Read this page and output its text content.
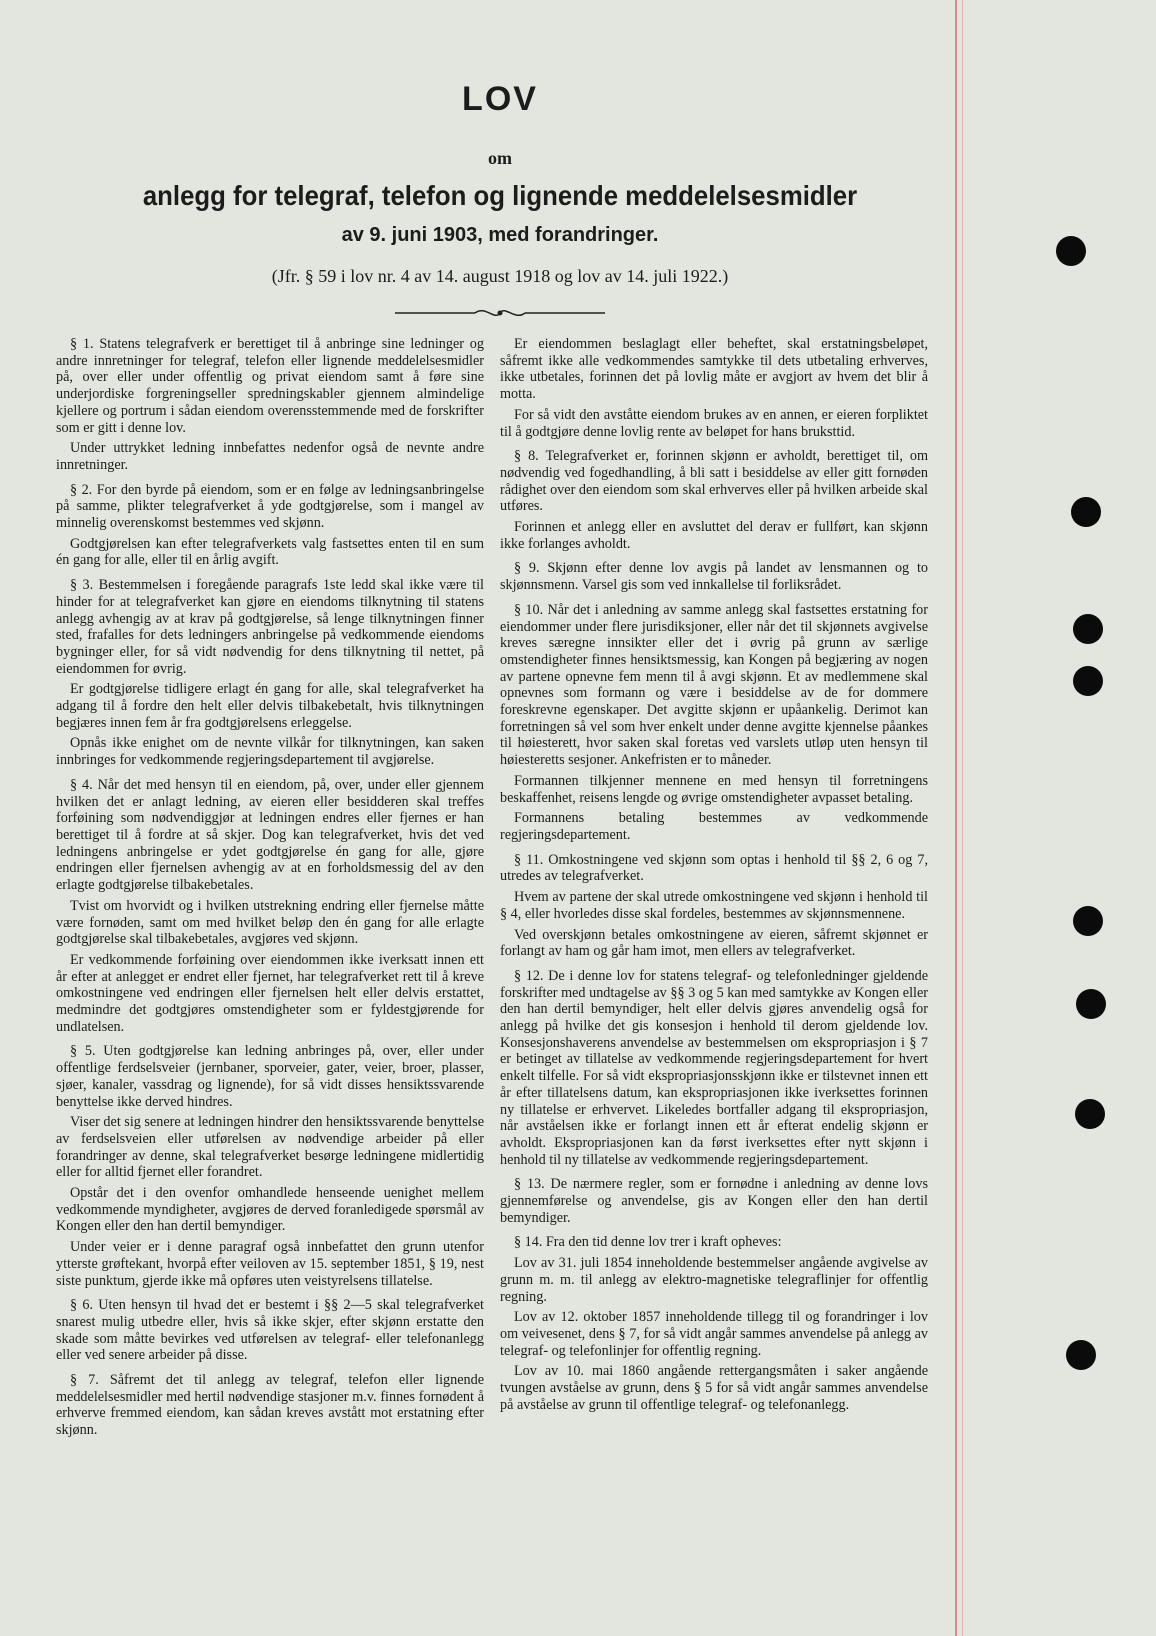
LOV
om
anlegg for telegraf, telefon og lignende meddelelsesmidler
av 9. juni 1903, med forandringer.
(Jfr. § 59 i lov nr. 4 av 14. august 1918 og lov av 14. juli 1922.)

§ 1. Statens telegrafverk er berettiget til å anbringe sine ledninger og andre innretninger for telegraf, telefon eller lignende meddelelsesmidler på, over eller under offentlig og privat eiendom samt å føre sine underjordiske forgreningseller spredningskabler gjennem almindelige kjellere og portrum i sådan eiendom overensstemmende med de forskrifter som er gitt i denne lov.

Under uttrykket ledning innbefattes nedenfor også de nevnte andre innretninger.

§ 2. For den byrde på eiendom, som er en følge av ledningsanbringelse på samme, plikter telegrafverket å yde godtgjørelse, som i mangel av minnelig overenskomst bestemmes ved skjønn.

Godtgjørelsen kan efter telegrafverkets valg fastsettes enten til en sum én gang for alle, eller til en årlig avgift.

§ 3. Bestemmelsen i foregående paragrafs 1ste ledd skal ikke være til hinder for at telegrafverket kan gjøre en eiendoms tilknytning til statens anlegg avhengig av at krav på godtgjørelse, så lenge tilknytningen finner sted, frafalles for dets ledningers anbringelse på vedkommende eiendoms bygninger eller, for så vidt nødvendig for dens tilknytning til nettet, på eiendommen for øvrig.

Er godtgjørelse tidligere erlagt én gang for alle, skal telegrafverket ha adgang til å fordre den helt eller delvis tilbakebetalt, hvis tilknytningen begjæres innen fem år fra godtgjørelsens erleggelse.

Opnås ikke enighet om de nevnte vilkår for tilknytningen, kan saken innbringes for vedkommende regjeringsdepartement til avgjørelse.

§ 4. Når det med hensyn til en eiendom, på, over, under eller gjennem hvilken det er anlagt ledning, av eieren eller besidderen skal treffes forføining som nødvendiggjør at ledningen endres eller fjernes er han berettiget til å fordre at så skjer. Dog kan telegrafverket, hvis det ved ledningens anbringelse er ydet godtgjørelse én gang for alle, gjøre endringen eller fjernelsen avhengig av at en forholdsmessig del av den erlagte godtgjørelse tilbakebetales.

Tvist om hvorvidt og i hvilken utstrekning endring eller fjernelse måtte være fornøden, samt om med hvilket beløp den én gang for alle erlagte godtgjørelse skal tilbakebetales, avgjøres ved skjønn.

Er vedkommende forføining over eiendommen ikke iverksatt innen ett år efter at anlegget er endret eller fjernet, har telegrafverket rett til å kreve omkostningene ved endringen eller fjernelsen helt eller delvis erstattet, medmindre det godtgjøres omstendigheter som er fyldestgjørende for undlatelsen.

§ 5. Uten godtgjørelse kan ledning anbringes på, over, eller under offentlige ferdselsveier (jernbaner, sporveier, gater, veier, broer, plasser, sjøer, kanaler, vassdrag og lignende), for så vidt disses hensiktssvarende benyttelse ikke derved hindres.

Viser det sig senere at ledningen hindrer den hensiktssvarende benyttelse av ferdselsveien eller utførelsen av nødvendige arbeider på eller forandringer av denne, skal telegrafverket besørge ledningene midlertidig eller for alltid fjernet eller forandret.

Opstår det i den ovenfor omhandlede henseende uenighet mellem vedkommende myndigheter, avgjøres de derved foranledigede spørsmål av Kongen eller den han dertil bemyndiger.

Under veier er i denne paragraf også innbefattet den grunn utenfor ytterste grøftekant, hvorpå efter veiloven av 15. september 1851, § 19, nest siste punktum, gjerde ikke må opføres uten veistyrelsens tillatelse.

§ 6. Uten hensyn til hvad det er bestemt i §§ 2—5 skal telegrafverket snarest mulig utbedre eller, hvis så ikke skjer, efter skjønn erstatte den skade som måtte bevirkes ved utførelsen av telegraf- eller telefonanlegg eller ved senere arbeider på disse.

§ 7. Såfremt det til anlegg av telegraf, telefon eller lignende meddelelsesmidler med hertil nødvendige stasjoner m.v. finnes fornødent å erhverve fremmed eiendom, kan sådan kreves avstått mot erstatning efter skjønn.

Er eiendommen beslaglagt eller beheftet, skal erstatningsbeløpet, såfremt ikke alle vedkommendes samtykke til dets utbetaling erhverves, ikke utbetales, forinnen det på lovlig måte er avgjort av hvem det blir å motta.

For så vidt den avståtte eiendom brukes av en annen, er eieren forpliktet til å godtgjøre denne lovlig rente av beløpet for hans bruksttid.

§ 8. Telegrafverket er, forinnen skjønn er avholdt, berettiget til, om nødvendig ved fogedhandling, å bli satt i besiddelse av eller gitt fornøden rådighet over den eiendom som skal erhverves eller på hvilken arbeide skal utføres.

Forinnen et anlegg eller en avsluttet del derav er fullført, kan skjønn ikke forlanges avholdt.

§ 9. Skjønn efter denne lov avgis på landet av lensmannen og to skjønnsmenn. Varsel gis som ved innkallelse til forliksrådet.

§ 10. Når det i anledning av samme anlegg skal fastsettes erstatning for eiendommer under flere jurisdiksjoner, eller når det til skjønnets avgivelse kreves særegne innsikter eller det i øvrig på grunn av særlige omstendigheter finnes hensiktsmessig, kan Kongen på begjæring av nogen av partene opnevne fem menn til å avgi skjønn. Et av medlemmene skal opnevnes som formann og være i besiddelse av de for dommere foreskrevne egenskaper. Det avgitte skjønn er upåankelig. Derimot kan forretningen så vel som hver enkelt under denne avgitte kjennelse påankes til høiesterett, hvor saken skal foretas ved varslets utløp uten hensyn til høiesteretts sesjoner. Ankefristen er to måneder.

Formannen tilkjenner mennene en med hensyn til forretningens beskaffenhet, reisens lengde og øvrige omstendigheter avpasset betaling.

Formannens betaling bestemmes av vedkommende regjeringsdepartement.

§ 11. Omkostningene ved skjønn som optas i henhold til §§ 2, 6 og 7, utredes av telegrafverket.

Hvem av partene der skal utrede omkostningene ved skjønn i henhold til § 4, eller hvorledes disse skal fordeles, bestemmes av skjønnsmennene.

Ved overskjønn betales omkostningene av eieren, såfremt skjønnet er forlangt av ham og går ham imot, men ellers av telegrafverket.

§ 12. De i denne lov for statens telegraf- og telefonledninger gjeldende forskrifter med undtagelse av §§ 3 og 5 kan med samtykke av Kongen eller den han dertil bemyndiger, helt eller delvis gjøres anvendelig også for anlegg på hvilke det gis konsesjon i henhold til derom gjeldende lov. Konsesjonshaverens anvendelse av bestemmelsen om ekspropriasjon i § 7 er betinget av tillatelse av vedkommende regjeringsdepartement for hvert enkelt tilfelle. For så vidt ekspropriasjonsskjønn ikke er tilstevnet innen ett år efter tillatelsens datum, kan ekspropriasjonen ikke iverksettes forinnen ny tillatelse er erhvervet. Likeledes bortfaller adgang til ekspropriasjon, når avståelsen ikke er forlangt innen ett år efterat endelig skjønn er avholdt. Ekspropriasjonen kan da først iverksettes efter nytt skjønn i henhold til ny tillatelse av vedkommende regjeringsdepartement.

§ 13. De nærmere regler, som er fornødne i anledning av denne lovs gjennemførelse og anvendelse, gis av Kongen eller den han dertil bemyndiger.

§ 14. Fra den tid denne lov trer i kraft opheves:

Lov av 31. juli 1854 inneholdende bestemmelser angående avgivelse av grunn m. m. til anlegg av elektro-magnetiske telegraflinjer for offentlig regning.

Lov av 12. oktober 1857 inneholdende tillegg til og forandringer i lov om veivesenet, dens § 7, for så vidt angår sammes anvendelse på anlegg av telegraf- og telefonlinjer for offentlig regning.

Lov av 10. mai 1860 angående rettergangsmåten i saker angående tvungen avståelse av grunn, dens § 5 for så vidt angår sammes anvendelse på avståelse av grunn til offentlige telegraf- og telefonanlegg.
